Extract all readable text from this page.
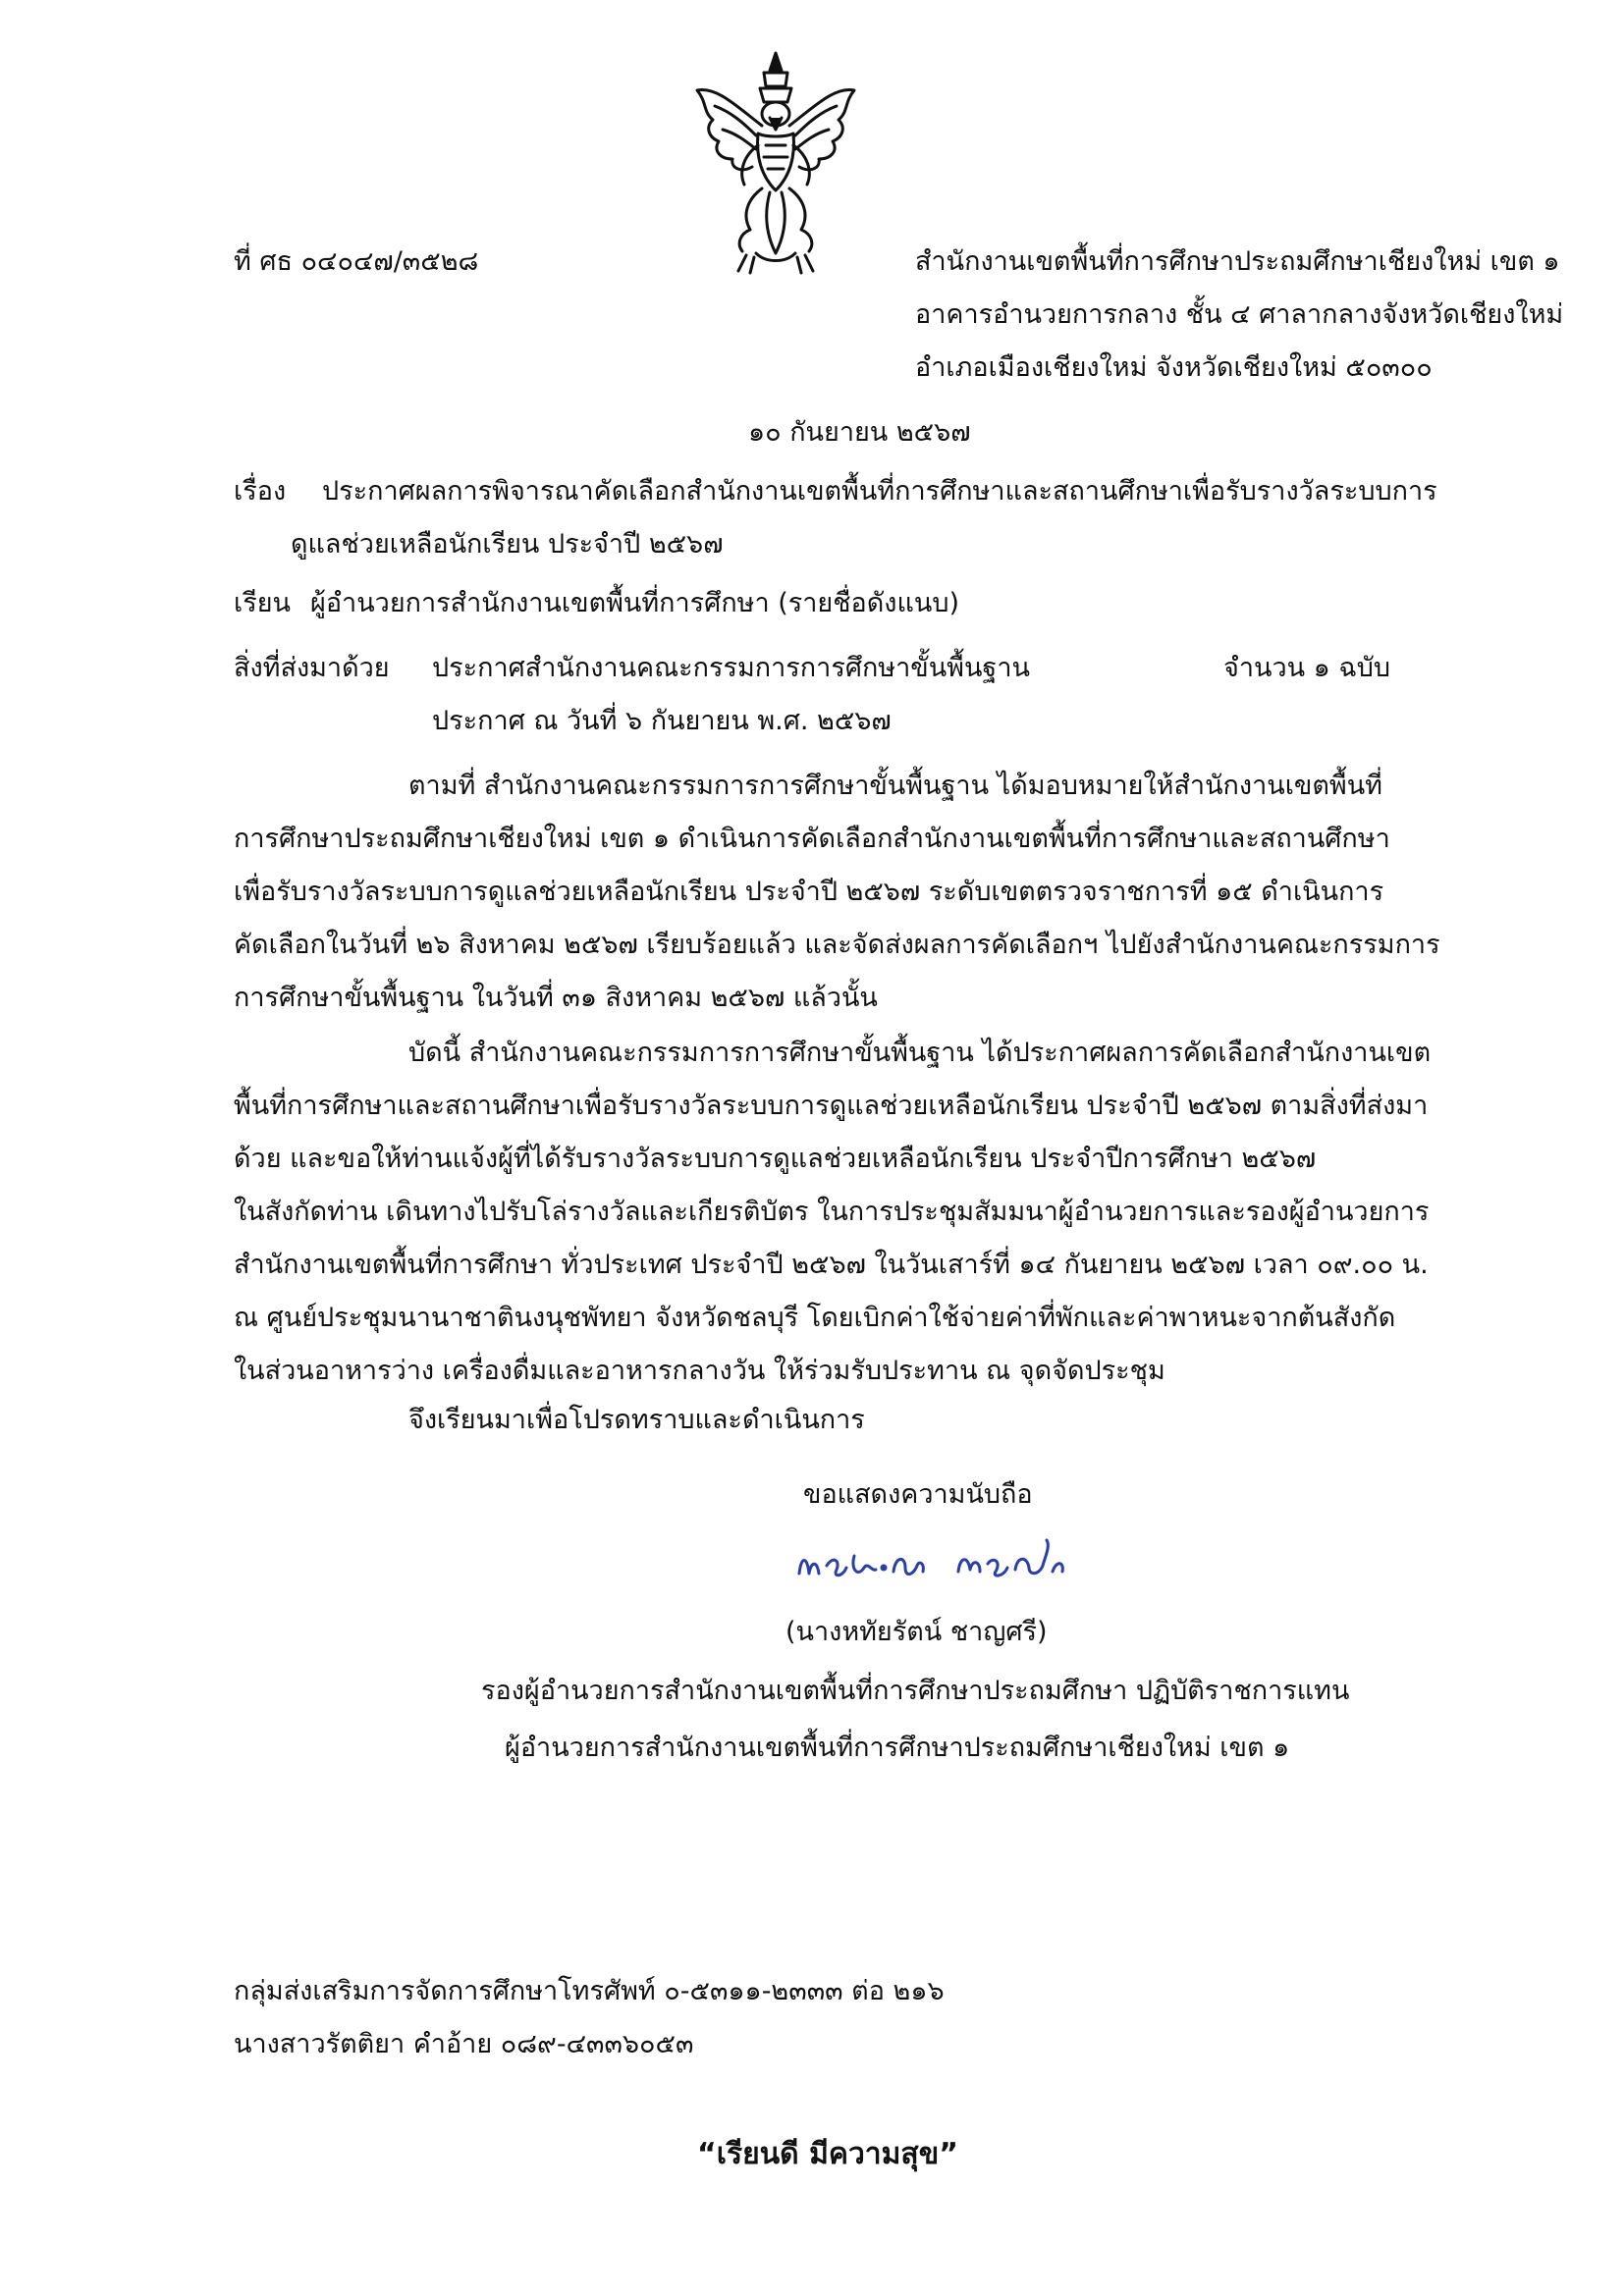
ที่ ศธ ๐๔๐๔๗/๓๕๒๘	สำนักงานเขตพื้นที่การศึกษาประถมศึกษาเชียงใหม่ เขต ๑
อาคารอำนวยการกลาง ชั้น ๔ ศาลากลางจังหวัดเชียงใหม่
อำเภอเมืองเชียงใหม่ จังหวัดเชียงใหม่ ๕๐๓๐๐
๑๐ กันยายน ๒๕๖๗
เรื่อง ประกาศผลการพิจารณาคัดเลือกสำนักงานเขตพื้นที่การศึกษาและสถานศึกษาเพื่อรับรางวัลระบบการ
ดูแลช่วยเหลือนักเรียน ประจำปี ๒๕๖๗
เรียน ผู้อำนวยการสำนักงานเขตพื้นที่การศึกษา (รายชื่อดังแนบ)
สิ่งที่ส่งมาด้วย ประกาศสำนักงานคณะกรรมการการศึกษาขั้นพื้นฐาน	จำนวน ๑ ฉบับ
ประกาศ ณ วันที่ ๖ กันยายน พ.ศ. ๒๕๖๗
ตามที่ สำนักงานคณะกรรมการการศึกษาขั้นพื้นฐาน ได้มอบหมายให้สำนักงานเขตพื้นที่
การศึกษาประถมศึกษาเชียงใหม่ เขต ๑ ดำเนินการคัดเลือกสำนักงานเขตพื้นที่การศึกษาและสถานศึกษา
เพื่อรับรางวัลระบบการดูแลช่วยเหลือนักเรียน ประจำปี ๒๕๖๗ ระดับเขตตรวจราชการที่ ๑๕ ดำเนินการ
คัดเลือกในวันที่ ๒๖ สิงหาคม ๒๕๖๗ เรียบร้อยแล้ว และจัดส่งผลการคัดเลือกฯ ไปยังสำนักงานคณะกรรมการ
การศึกษาขั้นพื้นฐาน ในวันที่ ๓๑ สิงหาคม ๒๕๖๗ แล้วนั้น
บัดนี้ สำนักงานคณะกรรมการการศึกษาขั้นพื้นฐาน ได้ประกาศผลการคัดเลือกสำนักงานเขต
พื้นที่การศึกษาและสถานศึกษาเพื่อรับรางวัลระบบการดูแลช่วยเหลือนักเรียน ประจำปี ๒๕๖๗ ตามสิ่งที่ส่งมา
ด้วย และขอให้ท่านแจ้งผู้ที่ได้รับรางวัลระบบการดูแลช่วยเหลือนักเรียน ประจำปีการศึกษา ๒๕๖๗
ในสังกัดท่าน เดินทางไปรับโล่รางวัลและเกียรติบัตร ในการประชุมสัมมนาผู้อำนวยการและรองผู้อำนวยการ
สำนักงานเขตพื้นที่การศึกษา ทั่วประเทศ ประจำปี ๒๕๖๗ ในวันเสาร์ที่ ๑๔ กันยายน ๒๕๖๗ เวลา ๐๙.๐๐ น.
ณ ศูนย์ประชุมนานาชาตินงนุชพัทยา จังหวัดชลบุรี โดยเบิกค่าใช้จ่ายค่าที่พักและค่าพาหนะจากต้นสังกัด
ในส่วนอาหารว่าง เครื่องดื่มและอาหารกลางวัน ให้ร่วมรับประทาน ณ จุดจัดประชุม
จึงเรียนมาเพื่อโปรดทราบและดำเนินการ
ขอแสดงความนับถือ
(นางหทัยรัตน์ ชาญศรี)
รองผู้อำนวยการสำนักงานเขตพื้นที่การศึกษาประถมศึกษา ปฏิบัติราชการแทน
ผู้อำนวยการสำนักงานเขตพื้นที่การศึกษาประถมศึกษาเชียงใหม่ เขต ๑
กลุ่มส่งเสริมการจัดการศึกษาโทรศัพท์ ๐-๕๓๑๑-๒๓๓๓ ต่อ ๒๑๖
นางสาวรัตติยา คำอ้าย ๐๘๙-๔๓๓๖๐๕๓
“เรียนดี มีความสุข”
